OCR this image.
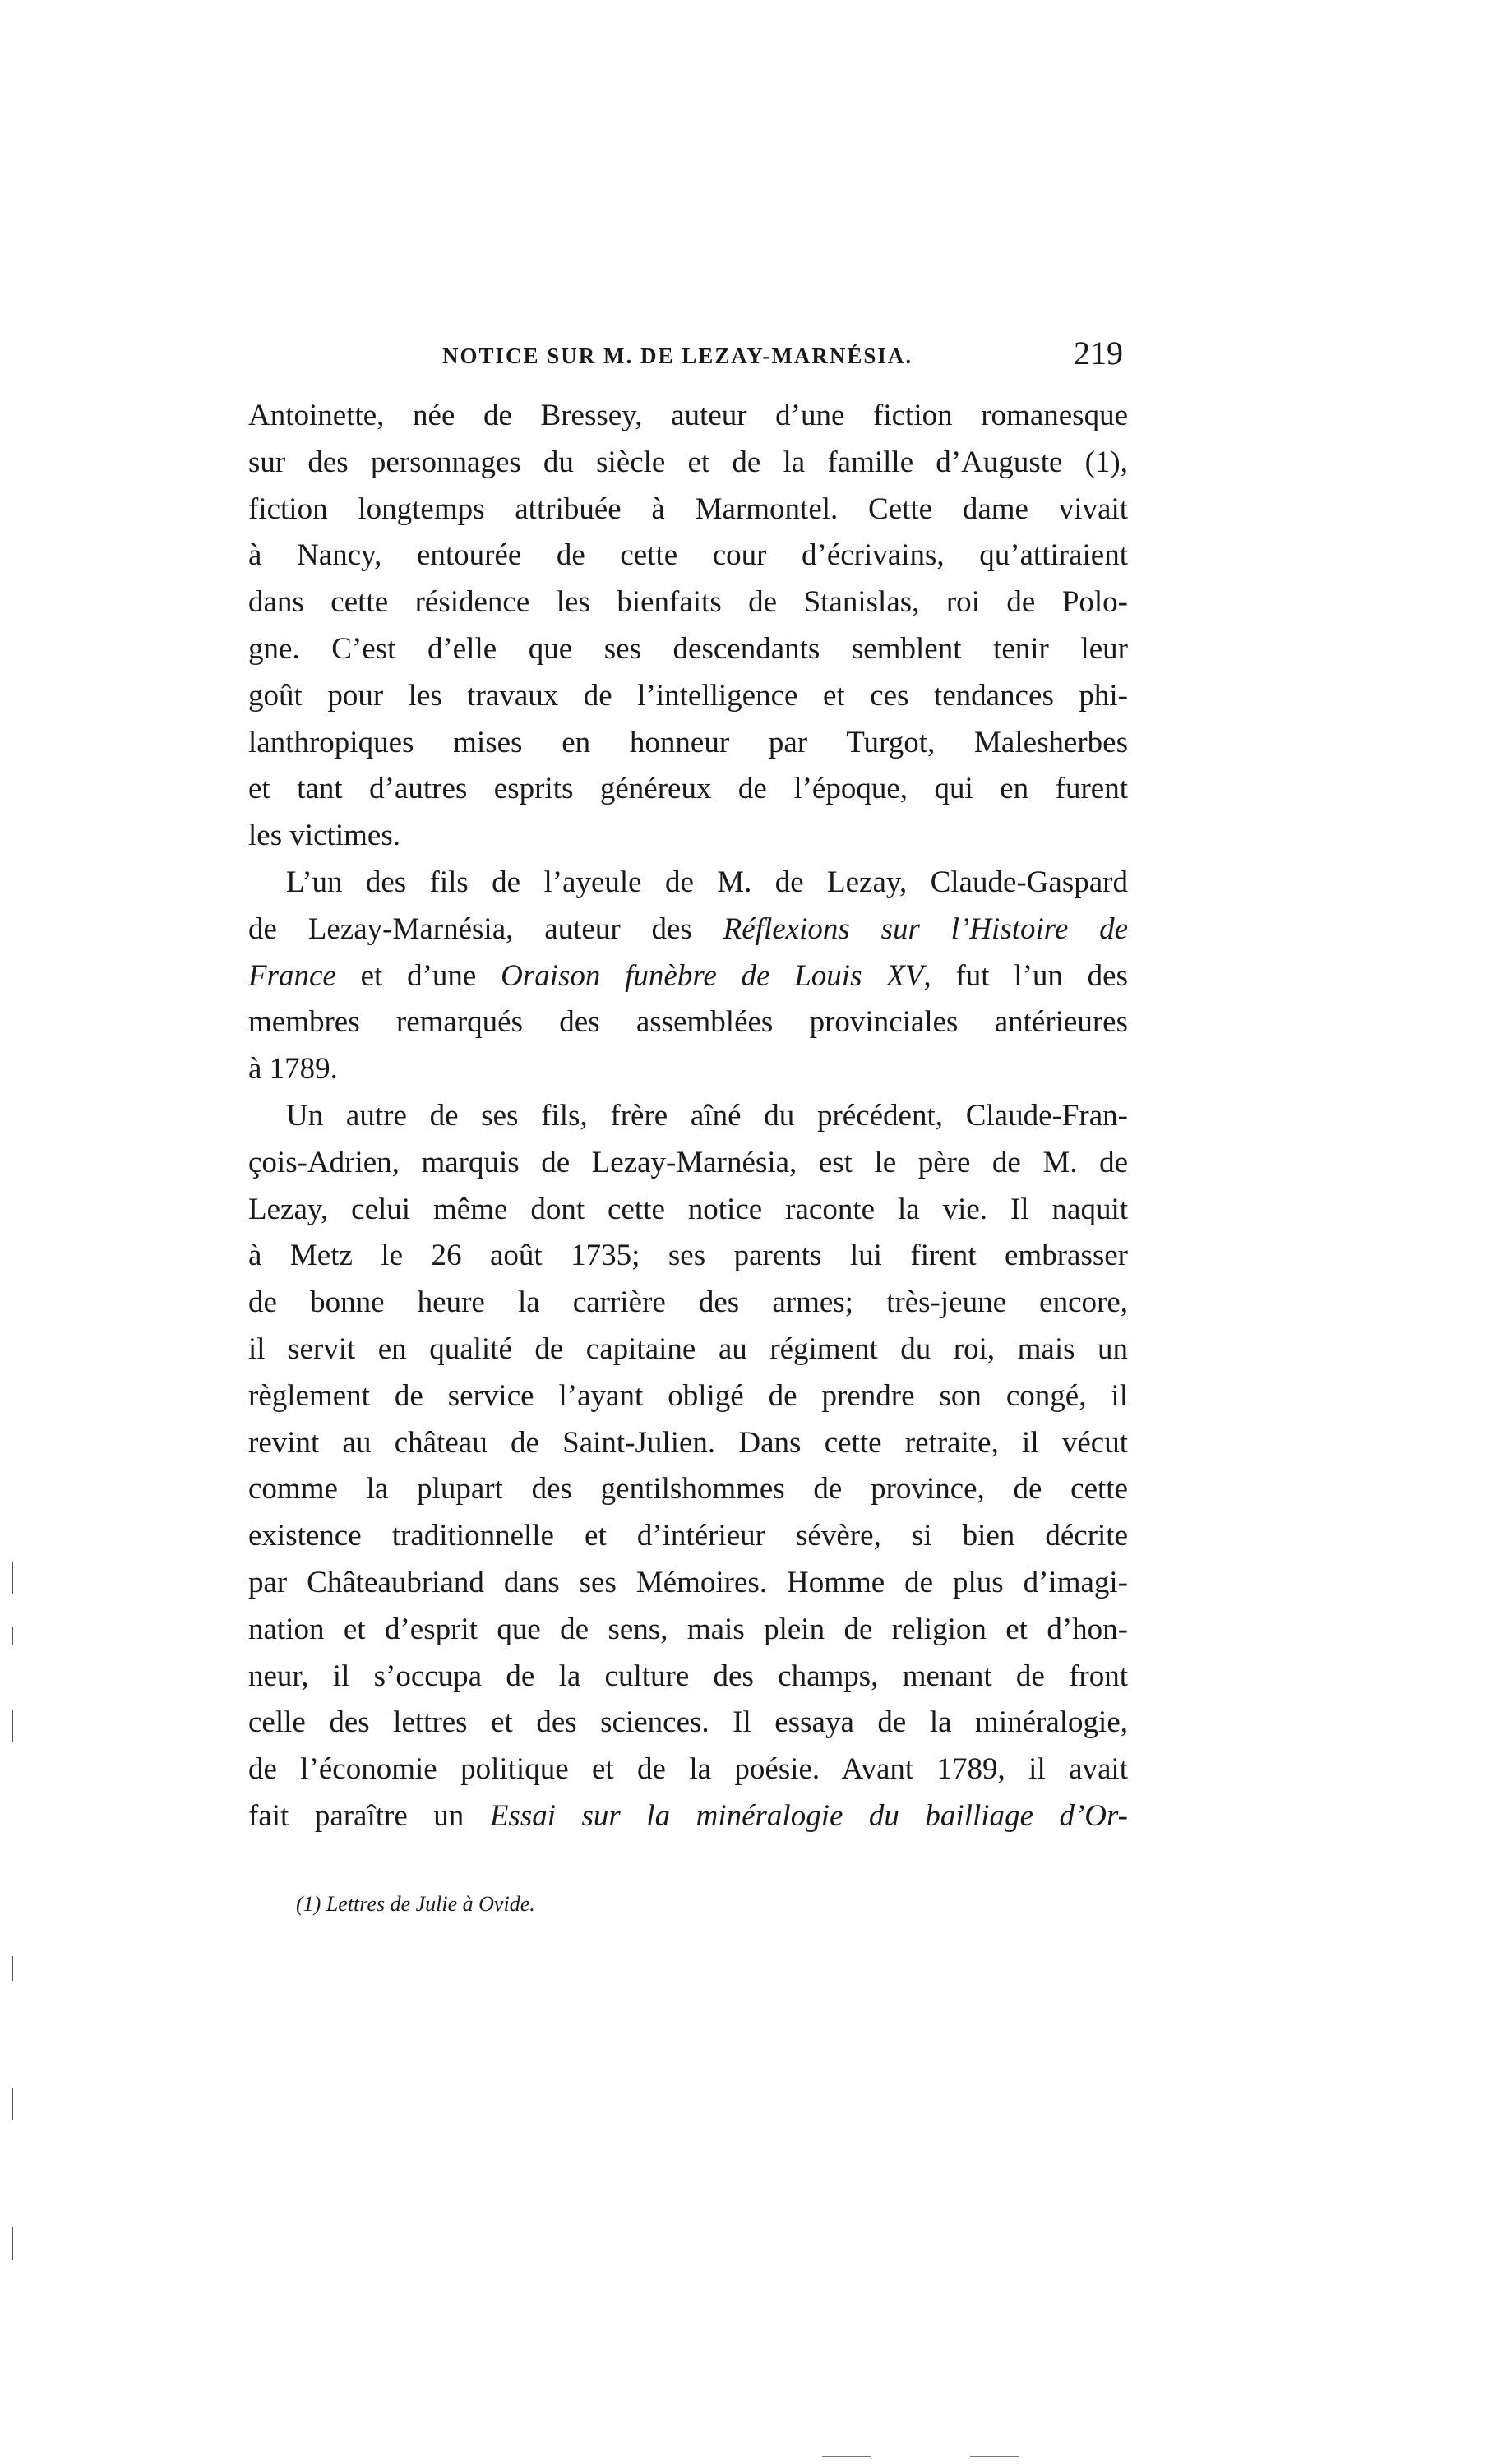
NOTICE SUR M. DE LEZAY-MARNÉSIA.	219
Antoinette, née de Bressey, auteur d’une fiction romanesque
sur des personnages du siècle et de la famille d’Auguste (1),
fiction longtemps attribuée à Marmontel. Cette dame vivait
à Nancy, entourée de cette cour d’écrivains, qu’attiraient
dans cette résidence les bienfaits de Stanislas, roi de Polo-
gne. C’est d’elle que ses descendants semblent tenir leur
goût pour les travaux de l’intelligence et ces tendances phi-
lanthropiques mises en honneur par Turgot, Malesherbes
et tant d’autres esprits généreux de l’époque, qui en furent
les victimes.
L’un des fils de l’ayeule de M. de Lezay, Claude-Gaspard
de Lezay-Marnésia, auteur des Réflexions sur l’Histoire de
France et d’une Oraison funèbre de Louis XV, fut l’un des
membres remarqués des assemblées provinciales antérieures
à 1789.
Un autre de ses fils, frère aîné du précédent, Claude-Fran-
çois-Adrien, marquis de Lezay-Marnésia, est le père de M. de
Lezay, celui même dont cette notice raconte la vie. Il naquit
à Metz le 26 août 1735; ses parents lui firent embrasser
de bonne heure la carrière des armes; très-jeune encore,
il servit en qualité de capitaine au régiment du roi, mais un
règlement de service l’ayant obligé de prendre son congé, il
revint au château de Saint-Julien. Dans cette retraite, il vécut
comme la plupart des gentilshommes de province, de cette
existence traditionnelle et d’intérieur sévère, si bien décrite
par Châteaubriand dans ses Mémoires. Homme de plus d’imagi-
nation et d’esprit que de sens, mais plein de religion et d’hon-
neur, il s’occupa de la culture des champs, menant de front
celle des lettres et des sciences. Il essaya de la minéralogie,
de l’économie politique et de la poésie. Avant 1789, il avait
fait paraître un Essai sur la minéralogie du bailliage d’Or-
(1) Lettres de Julie à Ovide.
